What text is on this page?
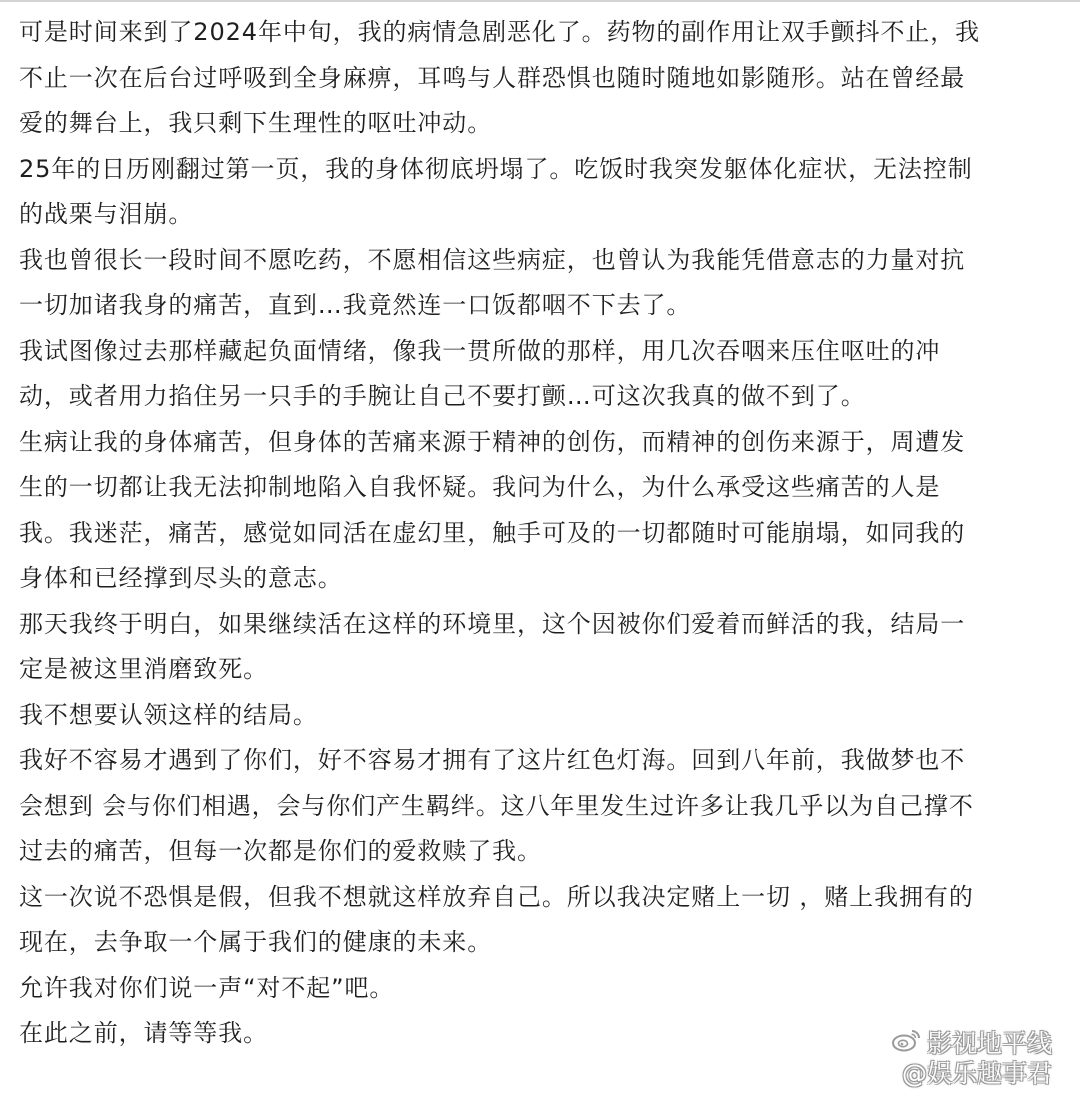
可是时间来到了2024年中旬，我的病情急剧恶化了。药物的副作用让双手颤抖不止，我
不止一次在后台过呼吸到全身麻痹，耳鸣与人群恐惧也随时随地如影随形。站在曾经最
爱的舞台上，我只剩下生理性的呕吐冲动。

25年的日历刚翻过第一页，我的身体彻底坍塌了。吃饭时我突发躯体化症状，无法控制
的战栗与泪崩。

我也曾很长一段时间不愿吃药，不愿相信这些病症，也曾认为我能凭借意志的力量对抗
一切加诸我身的痛苦，直到…我竟然连一口饭都咽不下去了。

我试图像过去那样藏起负面情绪，像我一贯所做的那样，用几次吞咽来压住呕吐的冲
动，或者用力掐住另一只手的手腕让自己不要打颤…可这次我真的做不到了。

生病让我的身体痛苦，但身体的苦痛来源于精神的创伤，而精神的创伤来源于，周遭发
生的一切都让我无法抑制地陷入自我怀疑。我问为什么，为什么承受这些痛苦的人是
我。我迷茫，痛苦，感觉如同活在虚幻里，触手可及的一切都随时可能崩塌，如同我的
身体和已经撑到尽头的意志。

那天我终于明白，如果继续活在这样的环境里，这个因被你们爱着而鲜活的我，结局一
定是被这里消磨致死。

我不想要认领这样的结局。

我好不容易才遇到了你们，好不容易才拥有了这片红色灯海。回到八年前，我做梦也不
会想到 会与你们相遇，会与你们产生羁绊。这八年里发生过许多让我几乎以为自己撑不
过去的痛苦，但每一次都是你们的爱救赎了我。

这一次说不恐惧是假，但我不想就这样放弃自己。所以我决定赌上一切 ，赌上我拥有的
现在，去争取一个属于我们的健康的未来。

允许我对你们说一声“对不起”吧。

在此之前，请等等我。	影视地平线
@娱乐趣事君
